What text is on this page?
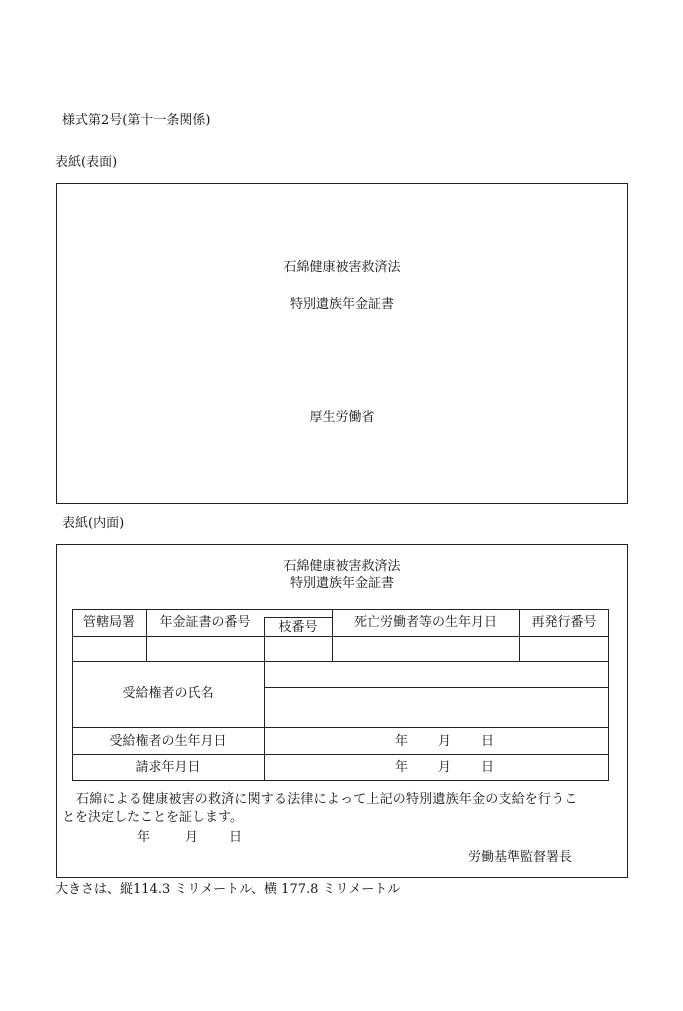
様式第2号(第十一条関係)
表紙(表面)
石綿健康被害救済法
特別遺族年金証書
厚生労働省
表紙(内面)
石綿健康被害救済法
特別遺族年金証書
管轄局署	年金証書の番号	枝番号	死亡労働者等の生年月日	再発行番号
受給権者の氏名
受給権者の生年月日	年 月 日
請求年月日	年 月 日
石綿による健康被害の救済に関する法律によって上記の特別遺族年金の支給を行うこ
とを決定したことを証します。
年	月 日
労働基準監督署長
大きさは、縦114.3 ミリメートル、横 177.8 ミリメートル
